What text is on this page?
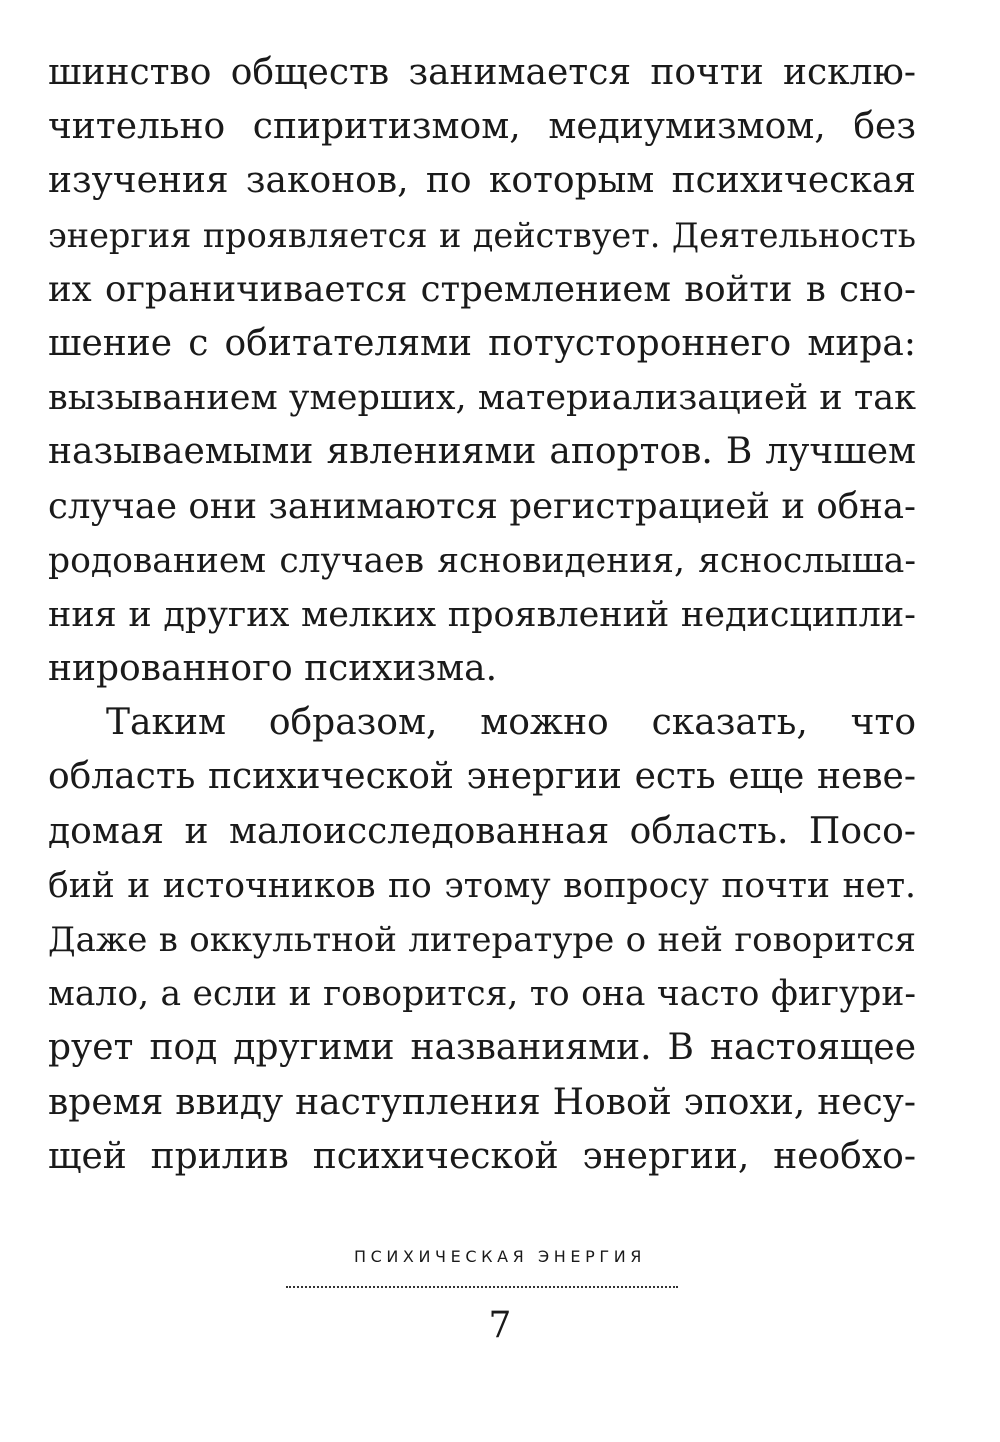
шинство обществ занимается почти исклю-
чительно спиритизмом, медиумизмом, без
изучения законов, по которым психическая
энергия проявляется и действует. Деятельность
их ограничивается стремлением войти в сно-
шение с обитателями потустороннего мира:
вызыванием умерших, материализацией и так
называемыми явлениями апортов. В лучшем
случае они занимаются регистрацией и обна-
родованием случаев ясновидения, яснослыша-
ния и других мелких проявлений недисципли-
нированного психизма.
Таким образом, можно сказать, что
область психической энергии есть еще неве-
домая и малоисследованная область. Посо-
бий и источников по этому вопросу почти нет.
Даже в оккультной литературе о ней говорится
мало, а если и говорится, то она часто фигури-
рует под другими названиями. В настоящее
время ввиду наступления Новой эпохи, несу-
щей прилив психической энергии, необхо-
ПСИХИЧЕСКАЯ ЭНЕРГИЯ
7
